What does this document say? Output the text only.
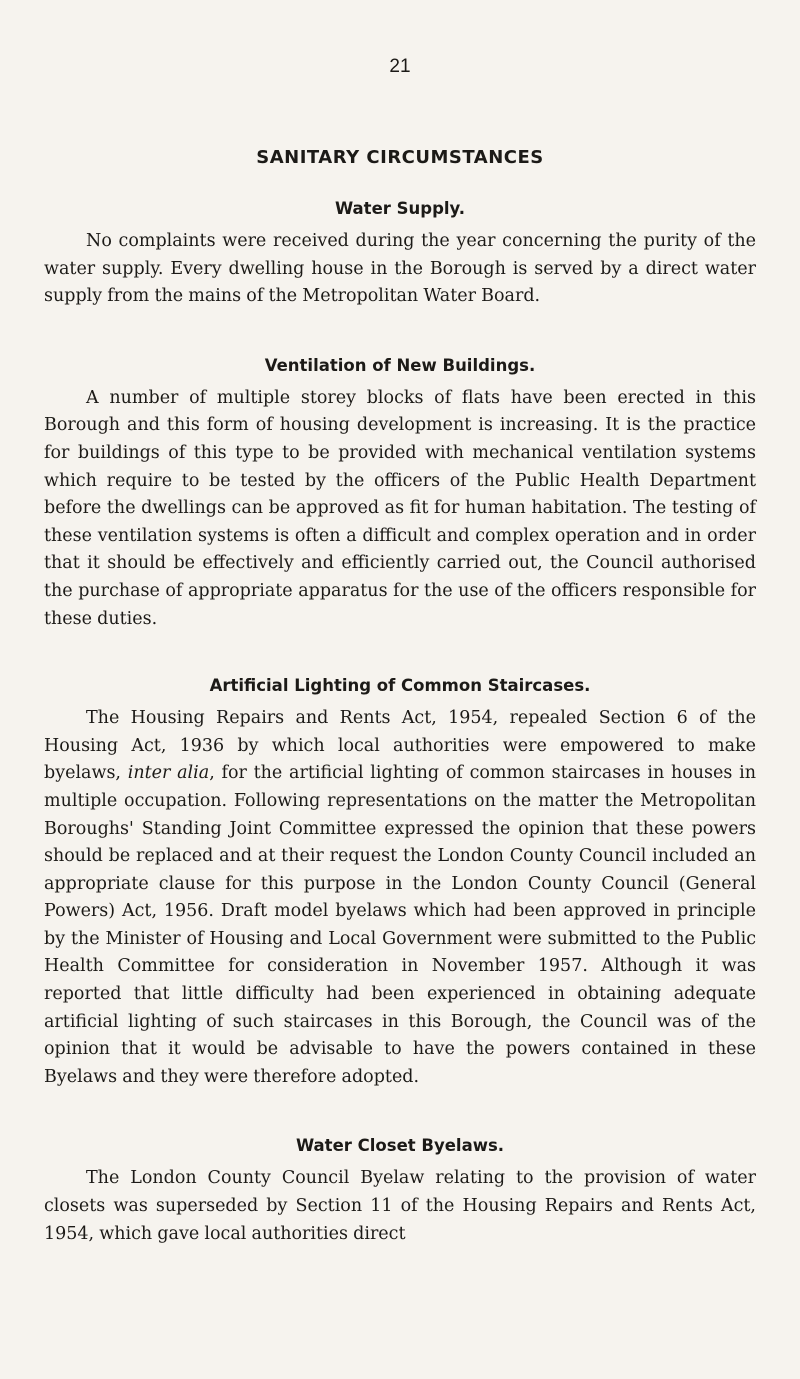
21
SANITARY CIRCUMSTANCES
Water Supply.

No complaints were received during the year concerning the purity of the water supply. Every dwelling house in the Borough is served by a direct water supply from the mains of the Metropolitan Water Board.

Ventilation of New Buildings.

A number of multiple storey blocks of flats have been erected in this Borough and this form of housing development is increasing. It is the practice for buildings of this type to be provided with mechanical ventilation systems which require to be tested by the officers of the Public Health Department before the dwellings can be approved as fit for human habitation. The testing of these ventilation systems is often a difficult and complex operation and in order that it should be effectively and efficiently carried out, the Council authorised the purchase of appropriate apparatus for the use of the officers responsible for these duties.

Artificial Lighting of Common Staircases.

The Housing Repairs and Rents Act, 1954, repealed Section 6 of the Housing Act, 1936 by which local authorities were empowered to make byelaws, inter alia, for the artificial lighting of common staircases in houses in multiple occupation. Following representations on the matter the Metropolitan Boroughs' Standing Joint Committee expressed the opinion that these powers should be replaced and at their request the London County Council included an appropriate clause for this purpose in the London County Council (General Powers) Act, 1956. Draft model byelaws which had been approved in principle by the Minister of Housing and Local Government were submitted to the Public Health Committee for consideration in November 1957. Although it was reported that little difficulty had been experienced in obtaining adequate artificial lighting of such staircases in this Borough, the Council was of the opinion that it would be advisable to have the powers contained in these Byelaws and they were therefore adopted.

Water Closet Byelaws.

The London County Council Byelaw relating to the provision of water closets was superseded by Section 11 of the Housing Repairs and Rents Act, 1954, which gave local authorities direct
